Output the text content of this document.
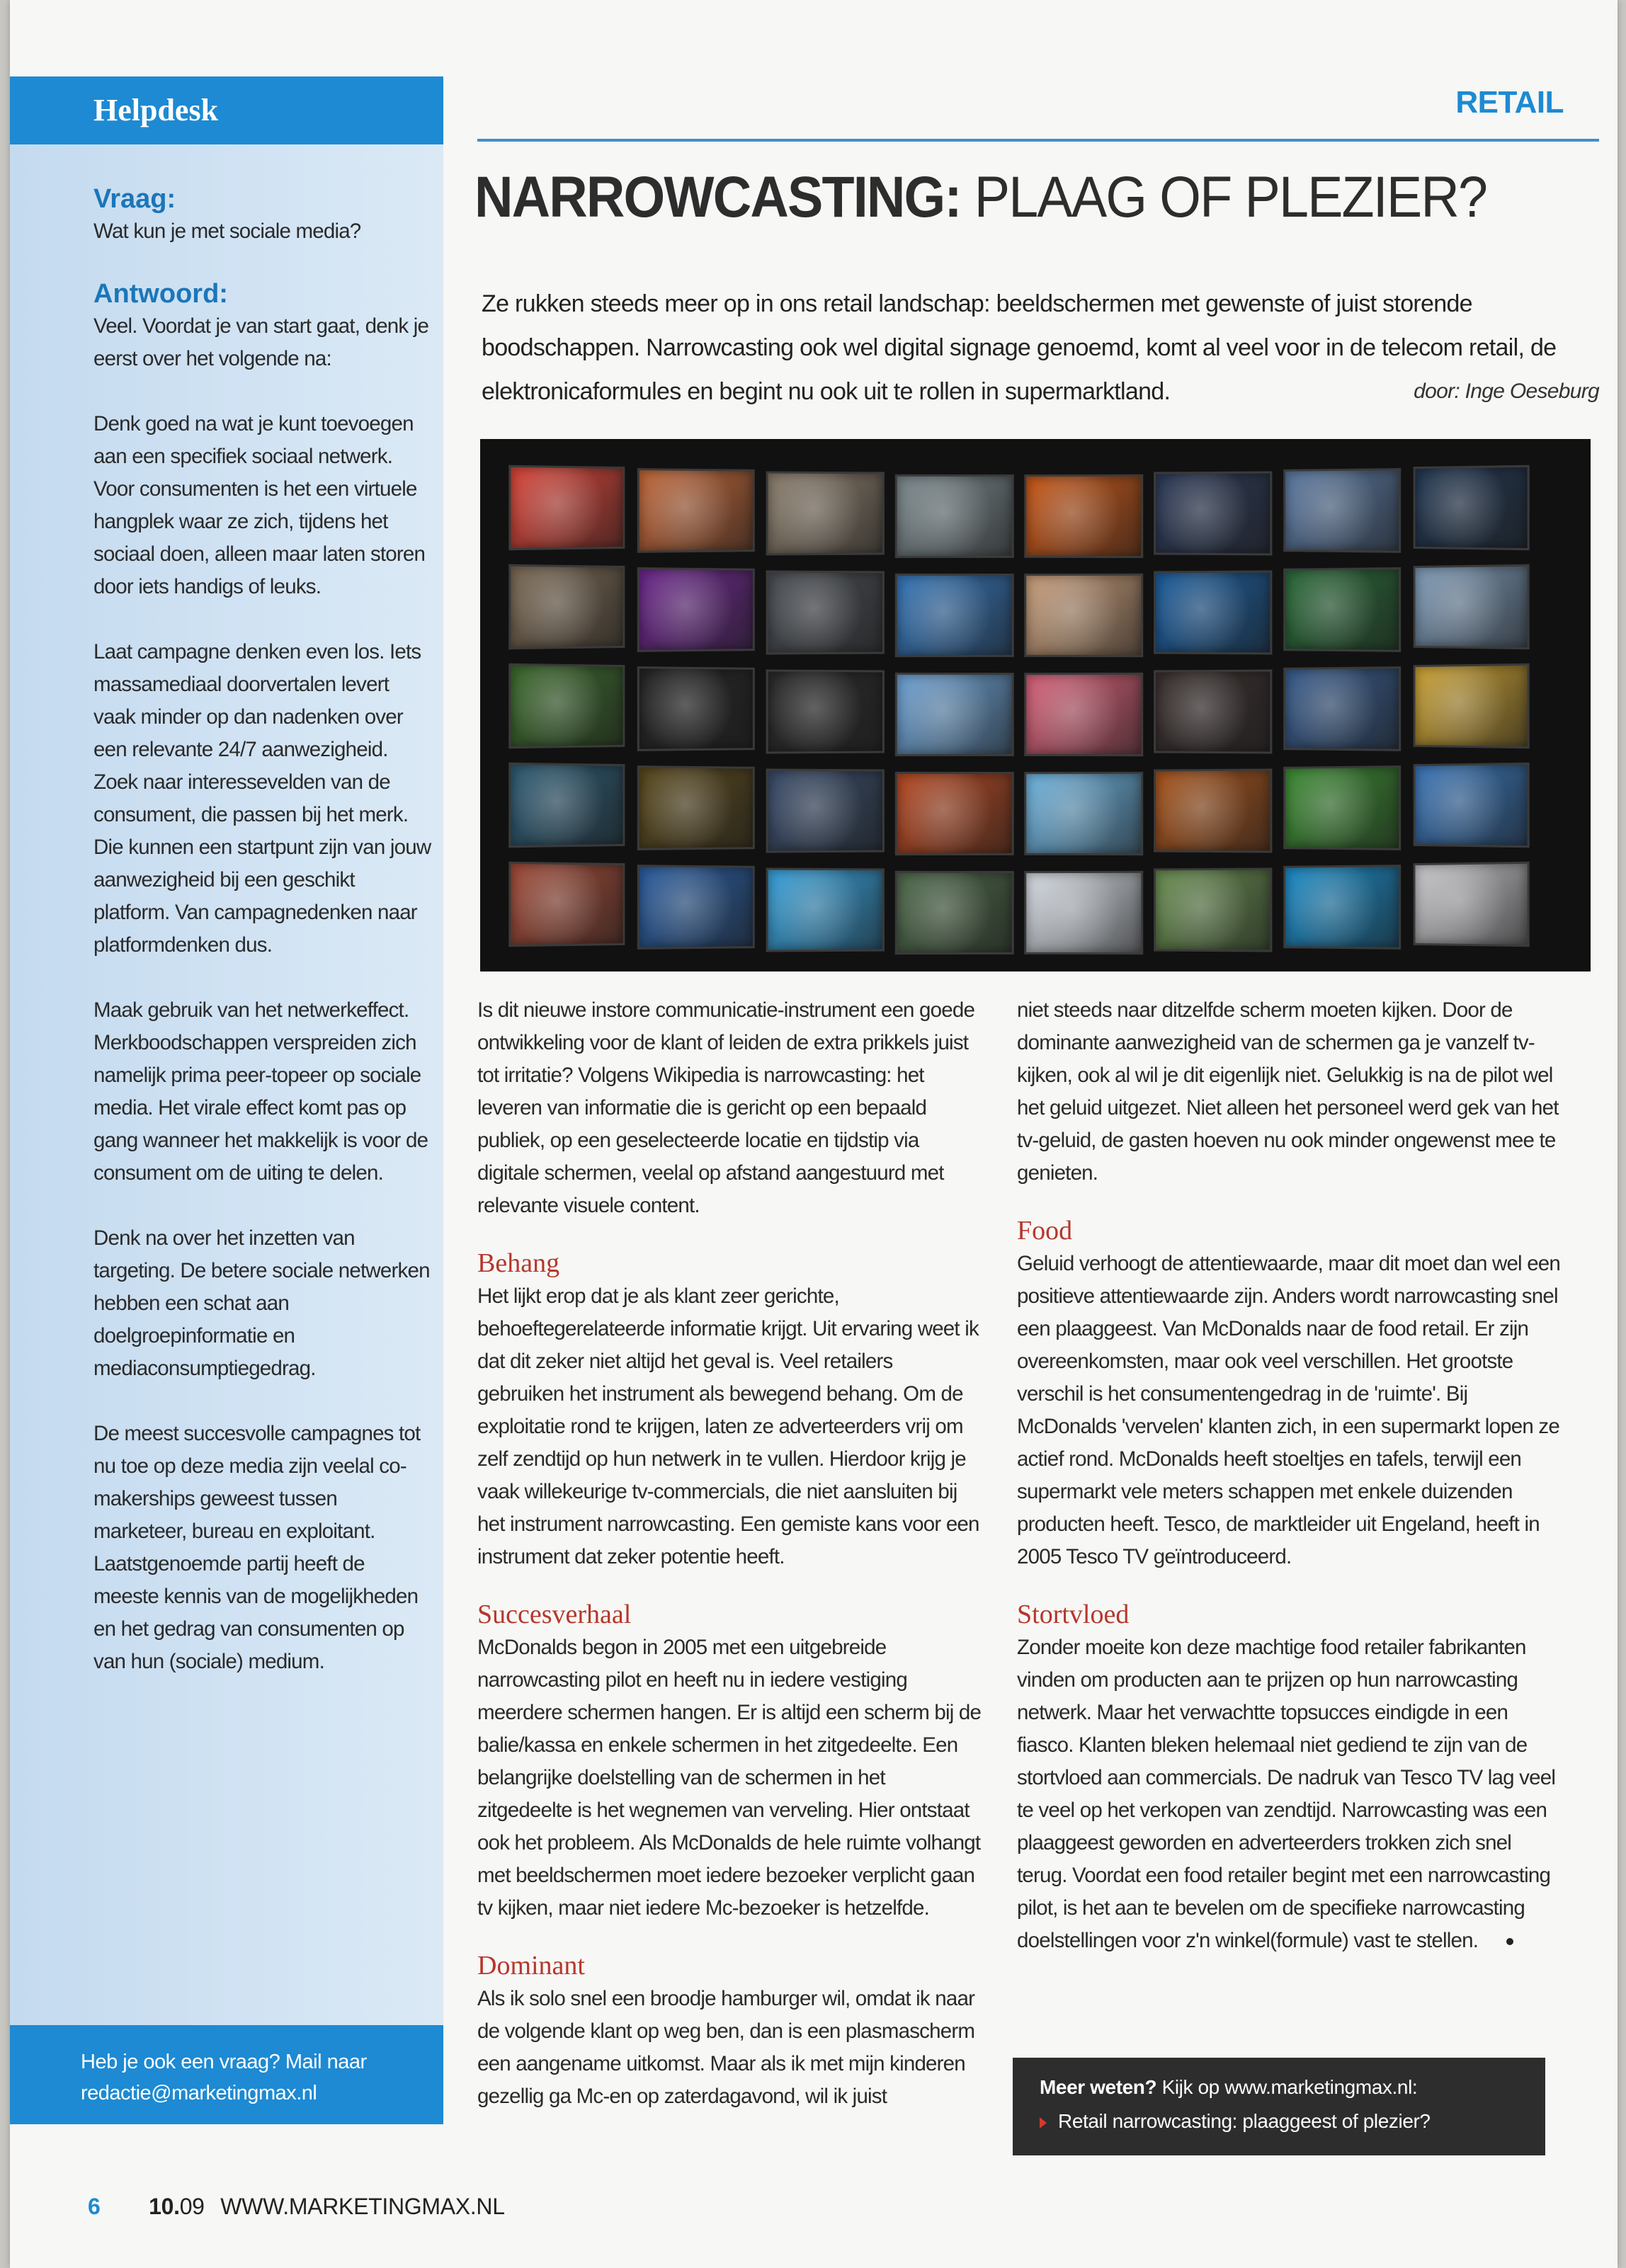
Helpdesk
Vraag:
Wat kun je met sociale media?
Antwoord:
Veel. Voordat je van start gaat, denk je eerst over het volgende na:
Denk goed na wat je kunt toevoegen aan een specifiek sociaal netwerk. Voor consumenten is het een virtuele hangplek waar ze zich, tijdens het sociaal doen, alleen maar laten storen door iets handigs of leuks.
Laat campagne denken even los. Iets massamediaal doorvertalen levert vaak minder op dan nadenken over een relevante 24/7 aanwezigheid. Zoek naar interessevelden van de consument, die passen bij het merk. Die kunnen een startpunt zijn van jouw aanwezigheid bij een geschikt platform. Van campagnedenken naar platformdenken dus.
Maak gebruik van het netwerkeffect. Merkboodschappen verspreiden zich namelijk prima peer-topeer op sociale media. Het virale effect komt pas op gang wanneer het makkelijk is voor de consument om de uiting te delen.
Denk na over het inzetten van targeting. De betere sociale netwerken hebben een schat aan doelgroepinformatie en mediaconsumptiegedrag.
De meest succesvolle campagnes tot nu toe op deze media zijn veelal co-makerships geweest tussen marketeer, bureau en exploitant. Laatstgenoemde partij heeft de meeste kennis van de mogelijkheden en het gedrag van consumenten op van hun (sociale) medium.
Heb je ook een vraag? Mail naar
redactie@marketingmax.nl
RETAIL
NARROWCASTING: PLAAG OF PLEZIER?
Ze rukken steeds meer op in ons retail landschap: beeldschermen met gewenste of juist storende boodschappen. Narrowcasting ook wel digital signage genoemd, komt al veel voor in de telecom retail, de elektronicaformules en begint nu ook uit te rollen in supermarktland.	door: Inge Oeseburg

Is dit nieuwe instore communicatie-instrument een goede ontwikkeling voor de klant of leiden de extra prikkels juist tot irritatie? Volgens Wikipedia is narrowcasting: het leveren van informatie die is gericht op een bepaald publiek, op een geselecteerde locatie en tijdstip via digitale schermen, veelal op afstand aangestuurd met relevante visuele content.

Behang

Het lijkt erop dat je als klant zeer gerichte, behoeftegerelateerde informatie krijgt. Uit ervaring weet ik dat dit zeker niet altijd het geval is. Veel retailers gebruiken het instrument als bewegend behang. Om de exploitatie rond te krijgen, laten ze adverteerders vrij om zelf zendtijd op hun netwerk in te vullen. Hierdoor krijg je vaak willekeurige tv-commercials, die niet aansluiten bij het instrument narrowcasting. Een gemiste kans voor een instrument dat zeker potentie heeft.

Succesverhaal

McDonalds begon in 2005 met een uitgebreide narrowcasting pilot en heeft nu in iedere vestiging meerdere schermen hangen. Er is altijd een scherm bij de balie/kassa en enkele schermen in het zitgedeelte. Een belangrijke doelstelling van de schermen in het zitgedeelte is het wegnemen van verveling. Hier ontstaat ook het probleem. Als McDonalds de hele ruimte volhangt met beeldschermen moet iedere bezoeker verplicht gaan tv kijken, maar niet iedere Mc-bezoeker is hetzelfde.

Dominant

Als ik solo snel een broodje hamburger wil, omdat ik naar de volgende klant op weg ben, dan is een plasmascherm een aangename uitkomst. Maar als ik met mijn kinderen gezellig ga Mc-en op zaterdagavond, wil ik juist

niet steeds naar ditzelfde scherm moeten kijken. Door de dominante aanwezigheid van de schermen ga je vanzelf tv-kijken, ook al wil je dit eigenlijk niet. Gelukkig is na de pilot wel het geluid uitgezet. Niet alleen het personeel werd gek van het tv-geluid, de gasten hoeven nu ook minder ongewenst mee te genieten.

Food

Geluid verhoogt de attentiewaarde, maar dit moet dan wel een positieve attentiewaarde zijn. Anders wordt narrowcasting snel een plaaggeest. Van McDonalds naar de food retail. Er zijn overeenkomsten, maar ook veel verschillen. Het grootste verschil is het consumentengedrag in de 'ruimte'. Bij McDonalds 'vervelen' klanten zich, in een supermarkt lopen ze actief rond. McDonalds heeft stoeltjes en tafels, terwijl een supermarkt vele meters schappen met enkele duizenden producten heeft. Tesco, de marktleider uit Engeland, heeft in 2005 Tesco TV geïntroduceerd.

Stortvloed

Zonder moeite kon deze machtige food retailer fabrikanten vinden om producten aan te prijzen op hun narrowcasting netwerk. Maar het verwachtte topsucces eindigde in een fiasco. Klanten bleken helemaal niet gediend te zijn van de stortvloed aan commercials. De nadruk van Tesco TV lag veel te veel op het verkopen van zendtijd. Narrowcasting was een plaaggeest geworden en adverteerders trokken zich snel terug. Voordat een food retailer begint met een narrowcasting pilot, is het aan te bevelen om de specifieke narrowcasting doelstellingen voor z'n winkel(formule) vast te stellen.

Meer weten? Kijk op www.marketingmax.nl:
Retail narrowcasting: plaaggeest of plezier?
6 10.09 WWW.MARKETINGMAX.NL
